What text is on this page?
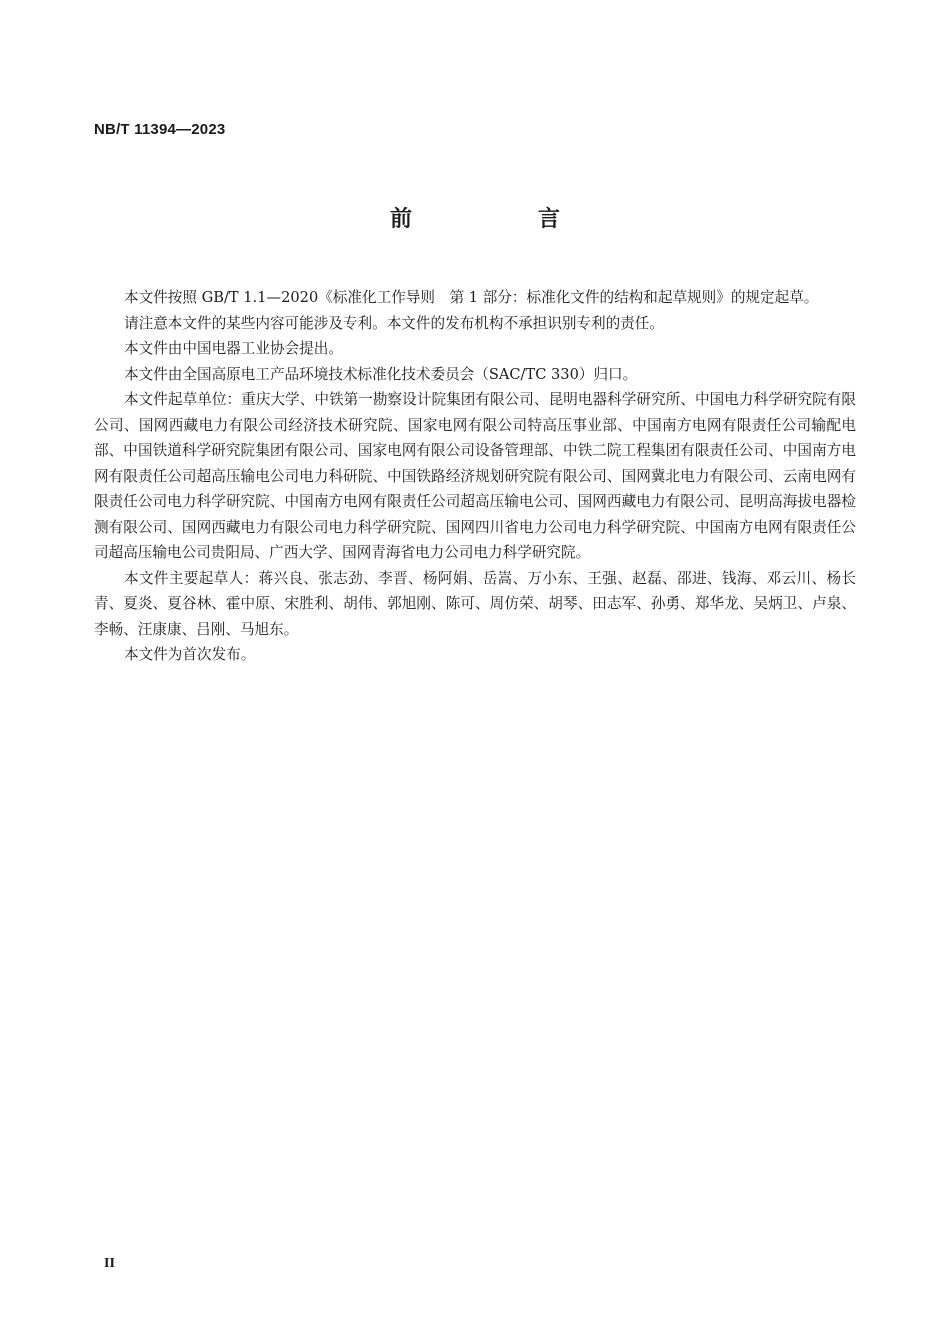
NB/T 11394—2023
前　言

本文件按照 GB/T 1.1—2020《标准化工作导则　第 1 部分：标准化文件的结构和起草规则》的规定起草。

请注意本文件的某些内容可能涉及专利。本文件的发布机构不承担识别专利的责任。

本文件由中国电器工业协会提出。

本文件由全国高原电工产品环境技术标准化技术委员会（SAC/TC 330）归口。

本文件起草单位：重庆大学、中铁第一勘察设计院集团有限公司、昆明电器科学研究所、中国电力科学研究院有限公司、国网西藏电力有限公司经济技术研究院、国家电网有限公司特高压事业部、中国南方电网有限责任公司输配电部、中国铁道科学研究院集团有限公司、国家电网有限公司设备管理部、中铁二院工程集团有限责任公司、中国南方电网有限责任公司超高压输电公司电力科研院、中国铁路经济规划研究院有限公司、国网冀北电力有限公司、云南电网有限责任公司电力科学研究院、中国南方电网有限责任公司超高压输电公司、国网西藏电力有限公司、昆明高海拔电器检测有限公司、国网西藏电力有限公司电力科学研究院、国网四川省电力公司电力科学研究院、中国南方电网有限责任公司超高压输电公司贵阳局、广西大学、国网青海省电力公司电力科学研究院。

本文件主要起草人：蒋兴良、张志劲、李晋、杨阿娟、岳嵩、万小东、王强、赵磊、邵进、钱海、邓云川、杨长青、夏炎、夏谷林、霍中原、宋胜利、胡伟、郭旭刚、陈可、周仿荣、胡琴、田志军、孙勇、郑华龙、吴炳卫、卢泉、李畅、汪康康、吕刚、马旭东。

本文件为首次发布。

II
